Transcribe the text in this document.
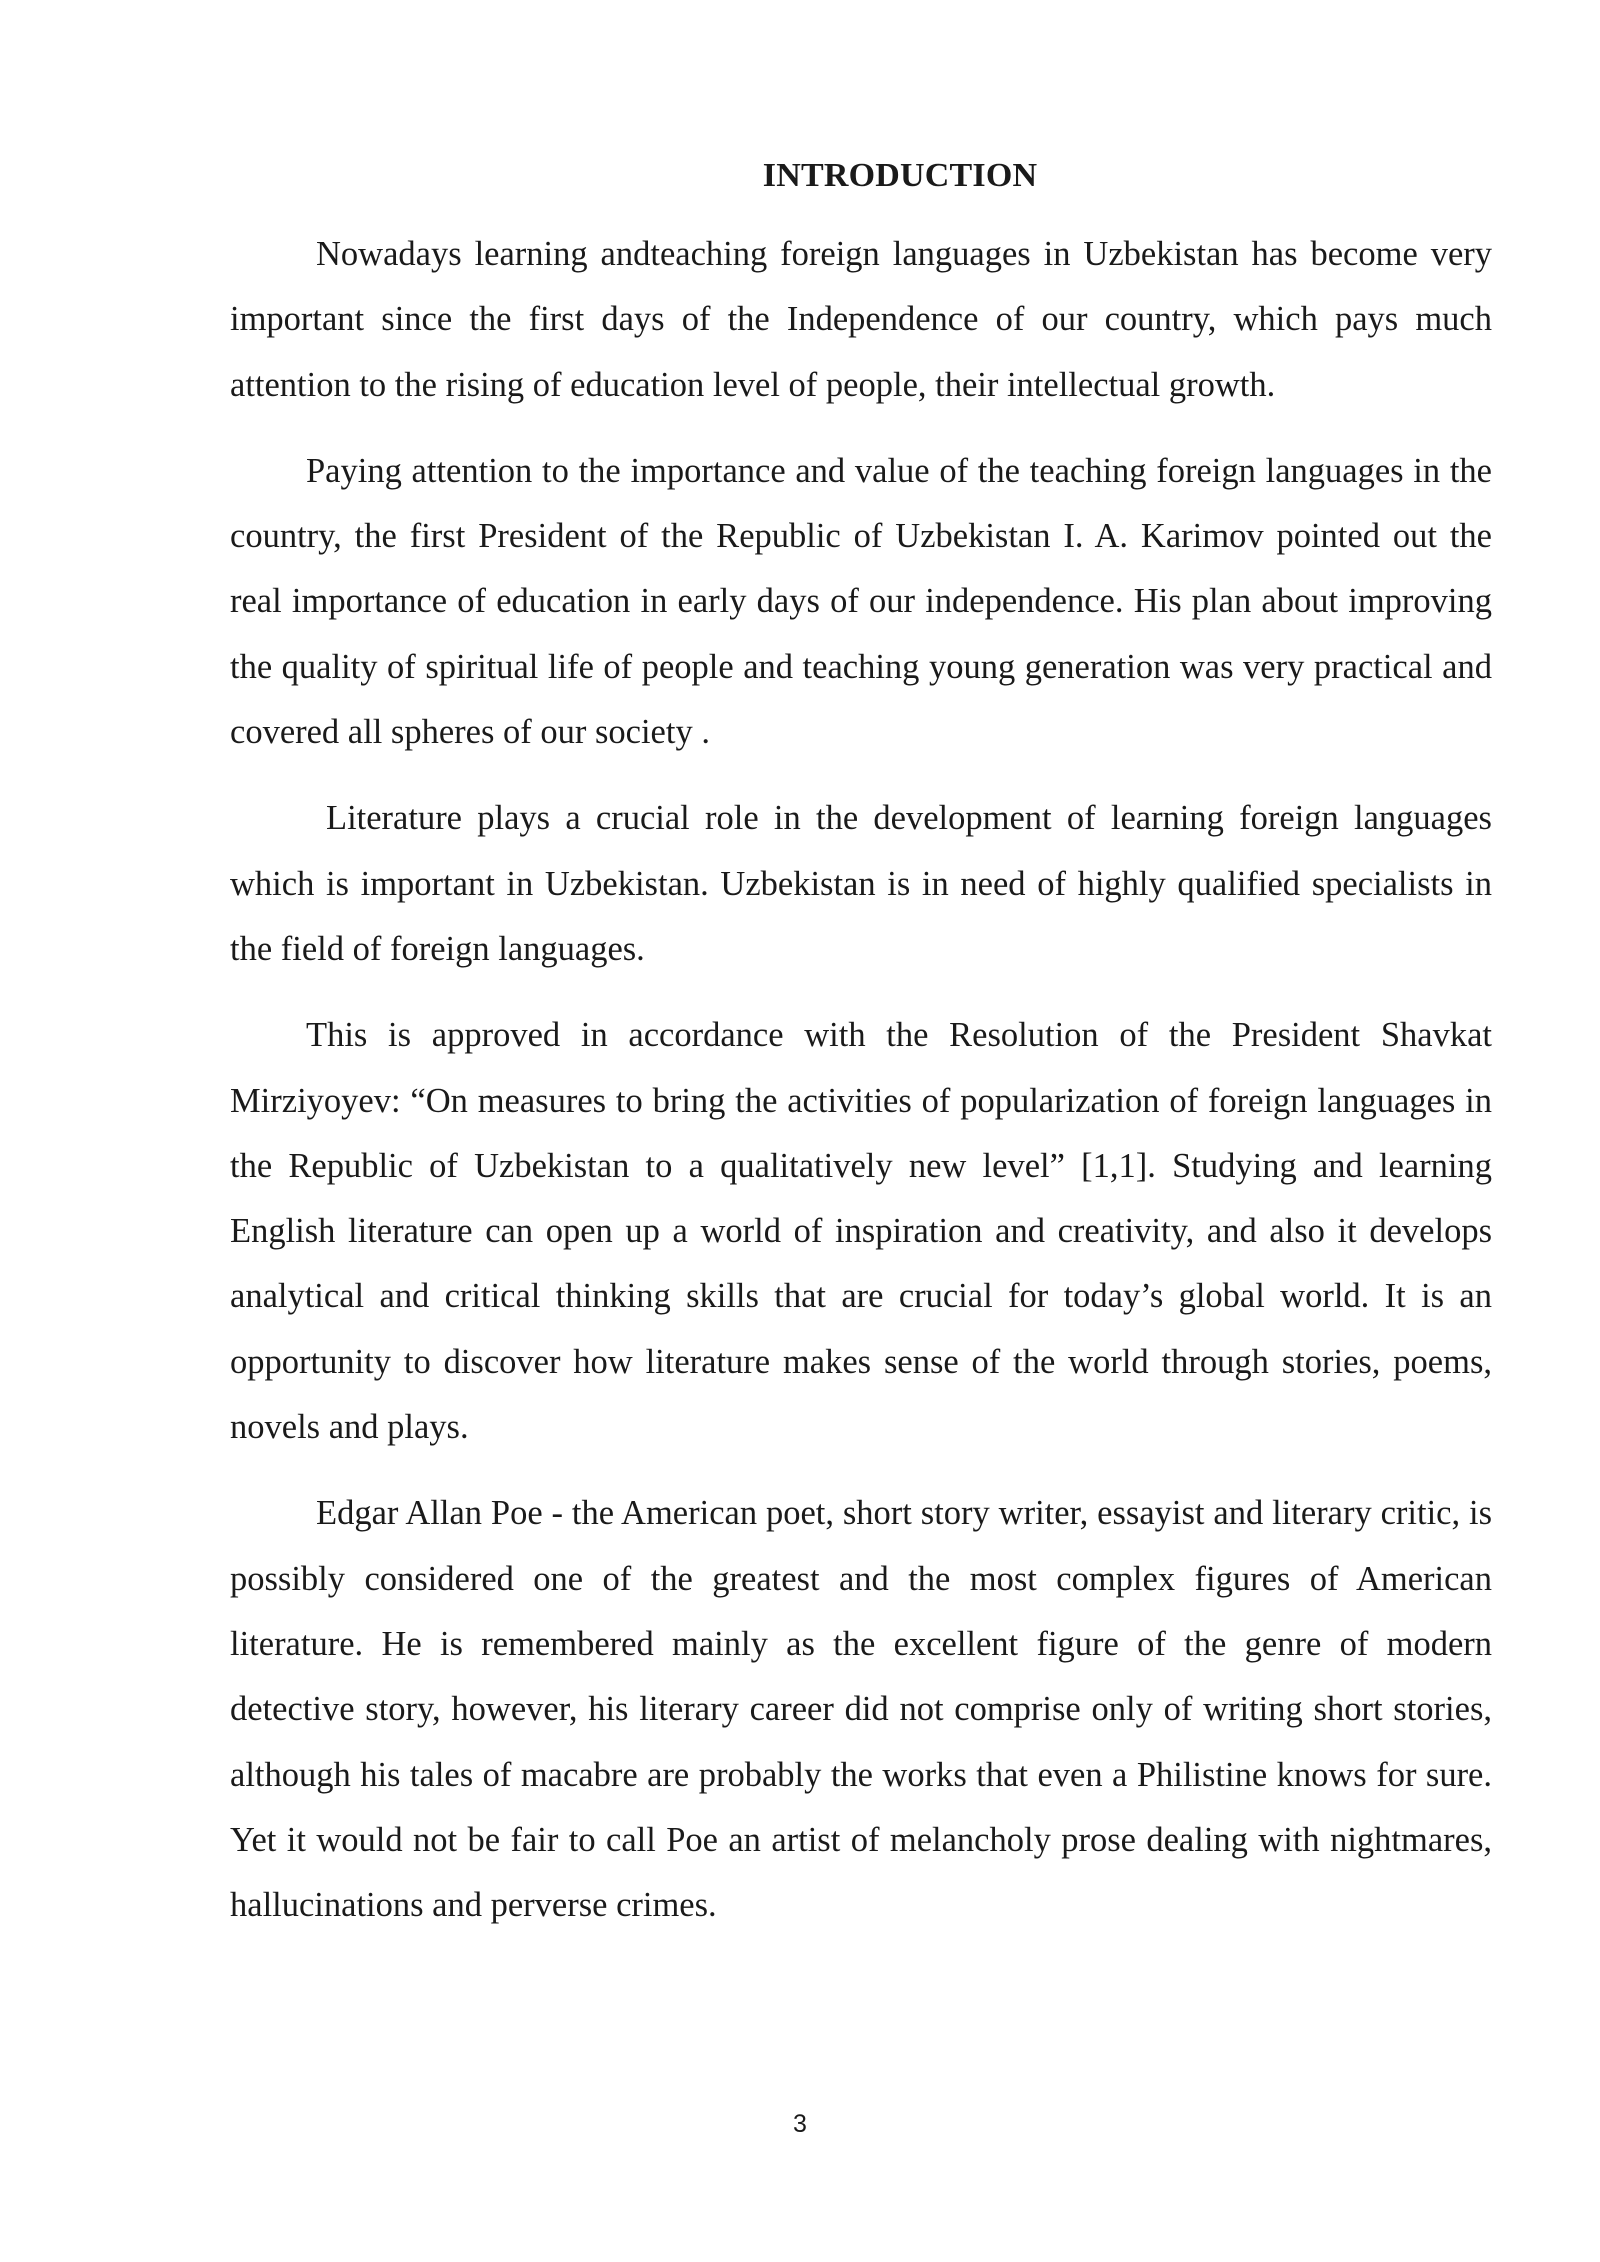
INTRODUCTION

Nowadays learning andteaching foreign languages in Uzbekistan has become very important since the first days of the Independence of our country, which pays much attention to the rising of education level of people, their intellectual growth.

Paying attention to the importance and value of the teaching foreign languages in the country, the first President of the Republic of Uzbekistan I. A. Karimov pointed out the real importance of education in early days of our independence. His plan about improving the quality of spiritual life of people and teaching young generation was very practical and covered all spheres of our society .

Literature plays a crucial role in the development of learning foreign languages which is important in Uzbekistan. Uzbekistan is in need of highly qualified specialists in the field of foreign languages.

This is approved in accordance with the Resolution of the President Shavkat Mirziyoyev: “On measures to bring the activities of popularization of foreign languages in the Republic of Uzbekistan to a qualitatively new level” [1,1]. Studying and learning English literature can open up a world of inspiration and creativity, and also it develops analytical and critical thinking skills that are crucial for today’s global world. It is an opportunity to discover how literature makes sense of the world through stories, poems, novels and plays.

Edgar Allan Poe - the American poet, short story writer, essayist and literary critic, is possibly considered one of the greatest and the most complex figures of American literature. He is remembered mainly as the excellent figure of the genre of modern detective story, however, his literary career did not comprise only of writing short stories, although his tales of macabre are probably the works that even a Philistine knows for sure. Yet it would not be fair to call Poe an artist of melancholy prose dealing with nightmares, hallucinations and perverse crimes.

3
